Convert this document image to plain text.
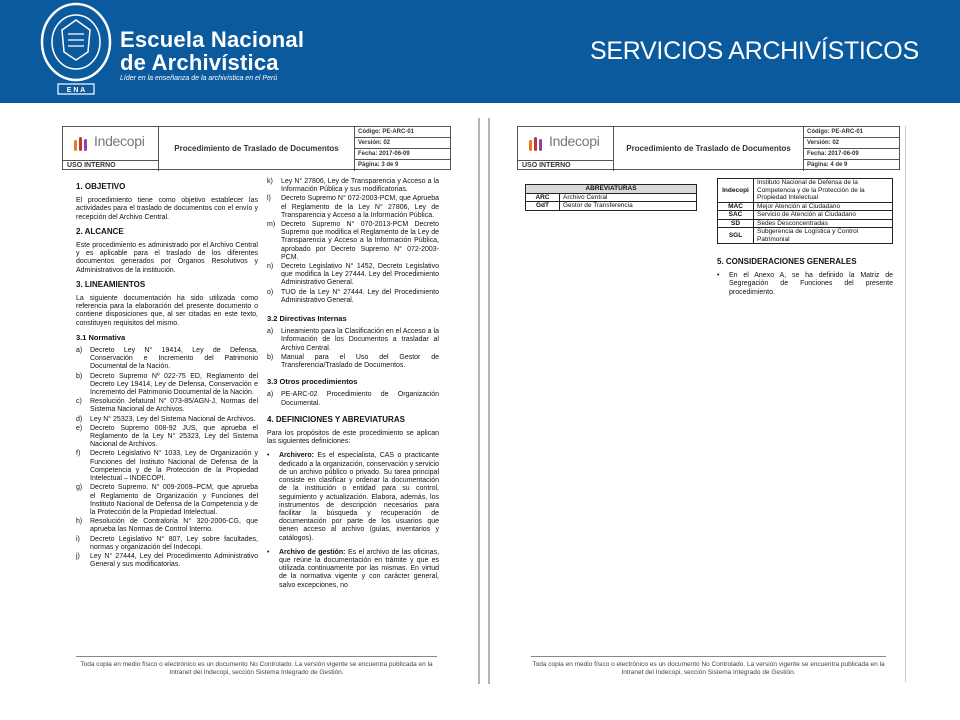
E N A
Escuela Nacional
de Archivística
Líder en la enseñanza de la archivística en el Perú
SERVICIOS ARCHIVÍSTICOS
Indecopi
USO INTERNO
Procedimiento de Traslado de Documentos
Código: PE-ARC-01
Versión: 02
Fecha: 2017-06-09
Página: 3 de 9
1. OBJETIVO
El procedimiento tiene como objetivo establecer las actividades para el traslado de documentos con el envío y recepción del Archivo Central.
2. ALCANCE
Este procedimiento es administrado por el Archivo Central y es aplicable para el traslado de los diferentes documentos generados por Órganos Resolutivos y Administrativos de la institución.
3. LINEAMIENTOS
La siguiente documentación ha sido utilizada como referencia para la elaboración del presente documento o contiene disposiciones que, al ser citadas en este texto, constituyen requisitos del mismo.
3.1 Normativa
a)	Decreto Ley N° 19414, Ley de Defensa, Conservación e Incremento del Patrimonio Documental de la Nación.
b)	Decreto Supremo Nº 022-75 ED, Reglamento del Decreto Ley 19414, Ley de Defensa, Conservación e Incremento del Patrimonio Documental de la Nación.
c)	Resolución Jefatural N° 073-85/AGN-J, Normas del Sistema Nacional de Archivos.
d)	Ley N° 25323, Ley del Sistema Nacional de Archivos.
e)	Decreto Supremo 008-92 JUS, que aprueba el Reglamento de la Ley N° 25323, Ley del Sistema Nacional de Archivos.
f)	Decreto Legislativo N° 1033, Ley de Organización y Funciones del Instituto Nacional de Defensa de la Competencia y de la Protección de la Propiedad Intelectual – INDECOPI.
g)	Decreto Supremo. N° 009-2009–PCM, que aprueba el Reglamento de Organización y Funciones del Instituto Nacional de Defensa de la Competencia y de la Protección de la Propiedad Intelectual.
h)	Resolución de Contraloría N° 320-2006-CG, que aprueba las Normas de Control Interno.
i)	Decreto Legislativo N° 807, Ley sobre facultades, normas y organización del Indecopi.
j)	Ley N° 27444, Ley del Procedimiento Administrativo General y sus modificatorias.
k)	Ley N° 27806, Ley de Transparencia y Acceso a la Información Pública y sus modificatorias.
l)	Decreto Supremo N° 072-2003-PCM, que Aprueba el Reglamento de la Ley N° 27806, Ley de Transparencia y Acceso a la Información Pública.
m) Decreto Supremo N° 070-2013-PCM Decreto Supremo que modifica el Reglamento de la Ley de Transparencia y Acceso a la Información Pública, aprobado por Decreto Supremo N° 072-2003-PCM.
n)	Decreto Legislativo N° 1452, Decreto Legislativo que modifica la Ley 27444. Ley del Procedimiento Administrativo General.
o)	TUO de la Ley N° 27444. Ley del Procedimiento Administrativo General.
3.2 Directivas Internas
a)	Lineamiento para la Clasificación en el Acceso a la Información de los Documentos a trasladar al Archivo Central.
b)	Manual para el Uso del Gestor de Transferencia/Traslado de Documentos.
3.3 Otros procedimientos
a)	PE-ARC-02 Procedimiento de Organización Documental.
4. DEFINICIONES Y ABREVIATURAS
Para los propósitos de este procedimiento se aplican las siguientes definiciones:
•	Archivero: Es el especialista, CAS o practicante dedicado a la organización, conservación y servicio de un archivo público o privado. Su tarea principal consiste en clasificar y ordenar la documentación de la institución o entidad para su control, seguimiento y actualización. Elabora, además, los instrumentos de descripción necesarios para facilitar la búsqueda y recuperación de documentación por parte de los usuarios que tienen acceso al archivo (guías, inventarios y catálogos).
•	Archivo de gestión: Es el archivo de las oficinas, que reúne la documentación en trámite y que es utilizada continuamente por las mismas. En virtud de la normativa vigente y con carácter general, salvo excepciones, no
Toda copia en medio físico o electrónico es un documento No Controlado. La versión vigente se encuentra publicada en la Intranet del Indecopi, sección Sistema Integrado de Gestión.
Indecopi
USO INTERNO
Procedimiento de Traslado de Documentos
Código: PE-ARC-01
Versión: 02
Fecha: 2017-06-09
Página: 4 de 9
ABREVIATURAS	
ARC	Archivo Central
GdT	Gestor de Transferencia
Indecopi	Instituto Nacional de Defensa de la Competencia y de la Protección de la Propiedad Intelectual
MAC	Mejor Atención al Ciudadano
SAC	Servicio de Atención al Ciudadano
SD	Sedes Desconcentradas
SGL	Subgerencia de Logística y Control Patrimonial
5. CONSIDERACIONES GENERALES
•	En el Anexo A, se ha definido la Matriz de Segregación de Funciones del presente procedimiento.
Toda copia en medio físico o electrónico es un documento No Controlado. La versión vigente se encuentra publicada en la Intranet del Indecopi, sección Sistema Integrado de Gestión.
